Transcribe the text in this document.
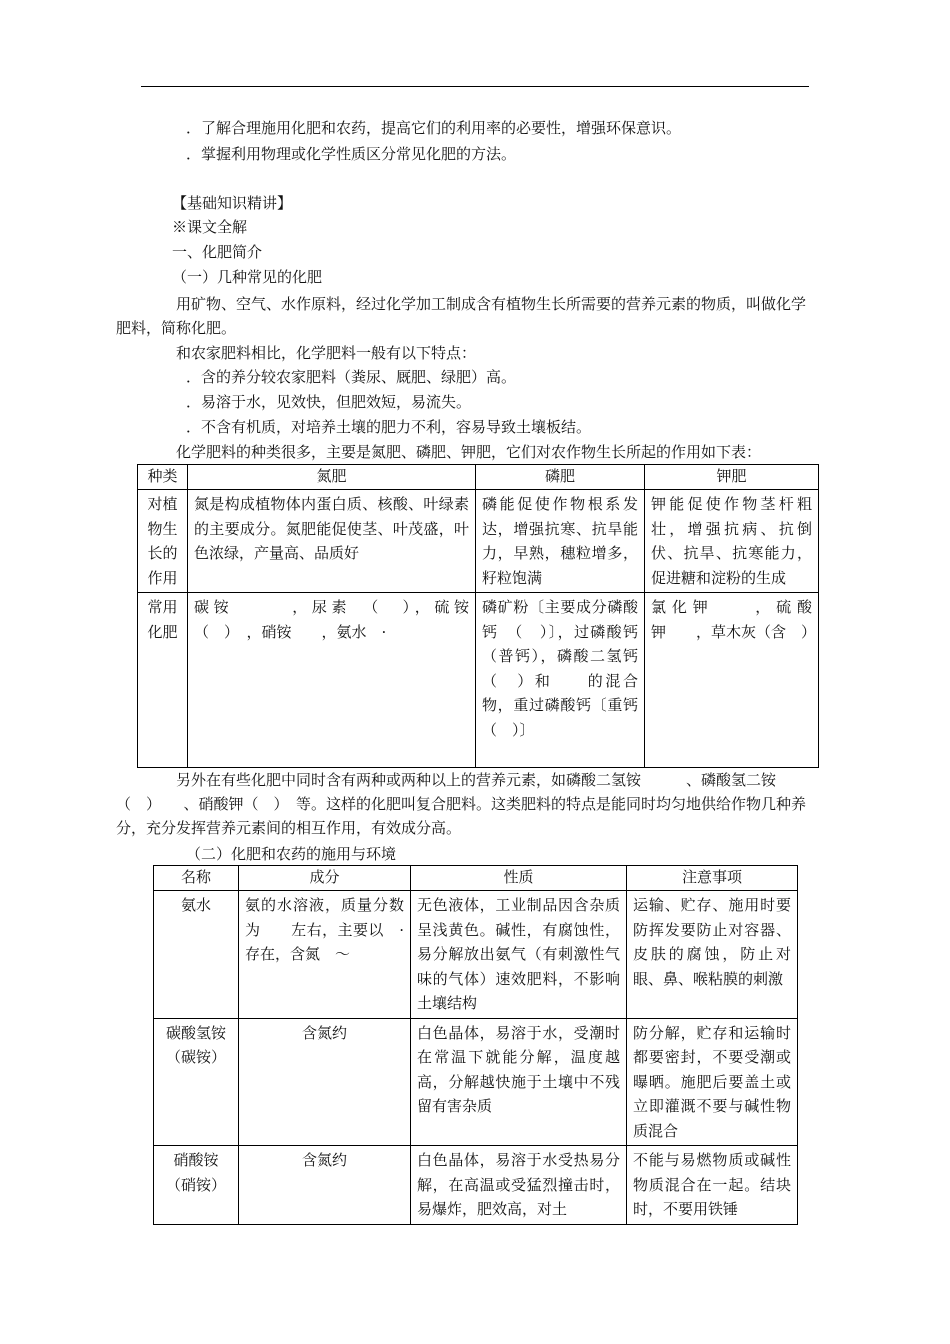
．了解合理施用化肥和农药，提高它们的利用率的必要性，增强环保意识。
．掌握利用物理或化学性质区分常见化肥的方法。
【基础知识精讲】
※课文全解
一、化肥简介
（一）几种常见的化肥
用矿物、空气、水作原料，经过化学加工制成含有植物生长所需要的营养元素的物质，叫做化学肥料，简称化肥。
和农家肥料相比，化学肥料一般有以下特点：
．含的养分较农家肥料（粪尿、厩肥、绿肥）高。
．易溶于水，见效快，但肥效短，易流失。
．不含有机质，对培养土壤的肥力不利，容易导致土壤板结。
化学肥料的种类很多，主要是氮肥、磷肥、钾肥，它们对农作物生长所起的作用如下表：
种类	氮肥	磷肥	钾肥
对植物生长的作用	氮是构成植物体内蛋白质、核酸、叶绿素的主要成分。氮肥能促使茎、叶茂盛，叶色浓绿，产量高、品质好	磷能促使作物根系发达，增强抗寒、抗旱能力，早熟，穗粒增多，籽粒饱满	钾能促使作物茎杆粗壮，增强抗病、抗倒伏、抗旱、抗寒能力，促进糖和淀粉的生成
常用化肥	碳铵　　　，尿素　（　），硫铵（　）　，硝铵　　，氨水　·	磷矿粉〔主要成分磷酸钙　（　）〕，过磷酸钙（普钙），磷酸二氢钙　（　）和　　的混合物，重过磷酸钙〔重钙　（　）〕	氯化钾　　，硫酸钾　　，草木灰（含　）
另外在有些化肥中同时含有两种或两种以上的营养元素，如磷酸二氢铵　　　、磷酸氢二铵（　）　　、硝酸钾（　）　等。这样的化肥叫复合肥料。这类肥料的特点是能同时均匀地供给作物几种养分，充分发挥营养元素间的相互作用，有效成分高。
（二）化肥和农药的施用与环境
名称	成分	性质	注意事项
氨水	氨的水溶液，质量分数为　　左右，主要以　·　存在，含氮　～	无色液体，工业制品因含杂质呈浅黄色。碱性，有腐蚀性，易分解放出氨气（有刺激性气味的气体）速效肥料，不影响土壤结构	运输、贮存、施用时要防挥发要防止对容器、皮肤的腐蚀，防止对眼、鼻、喉粘膜的刺激
碳酸氢铵（碳铵）	含氮约	白色晶体，易溶于水，受潮时在常温下就能分解，温度越高，分解越快施于土壤中不残留有害杂质	防分解，贮存和运输时都要密封，不要受潮或曝晒。施肥后要盖土或立即灌溉不要与碱性物质混合
硝酸铵（硝铵）	含氮约	白色晶体，易溶于水受热易分解，在高温或受猛烈撞击时，易爆炸，肥效高，对土	不能与易燃物质或碱性物质混合在一起。结块时，不要用铁锤
